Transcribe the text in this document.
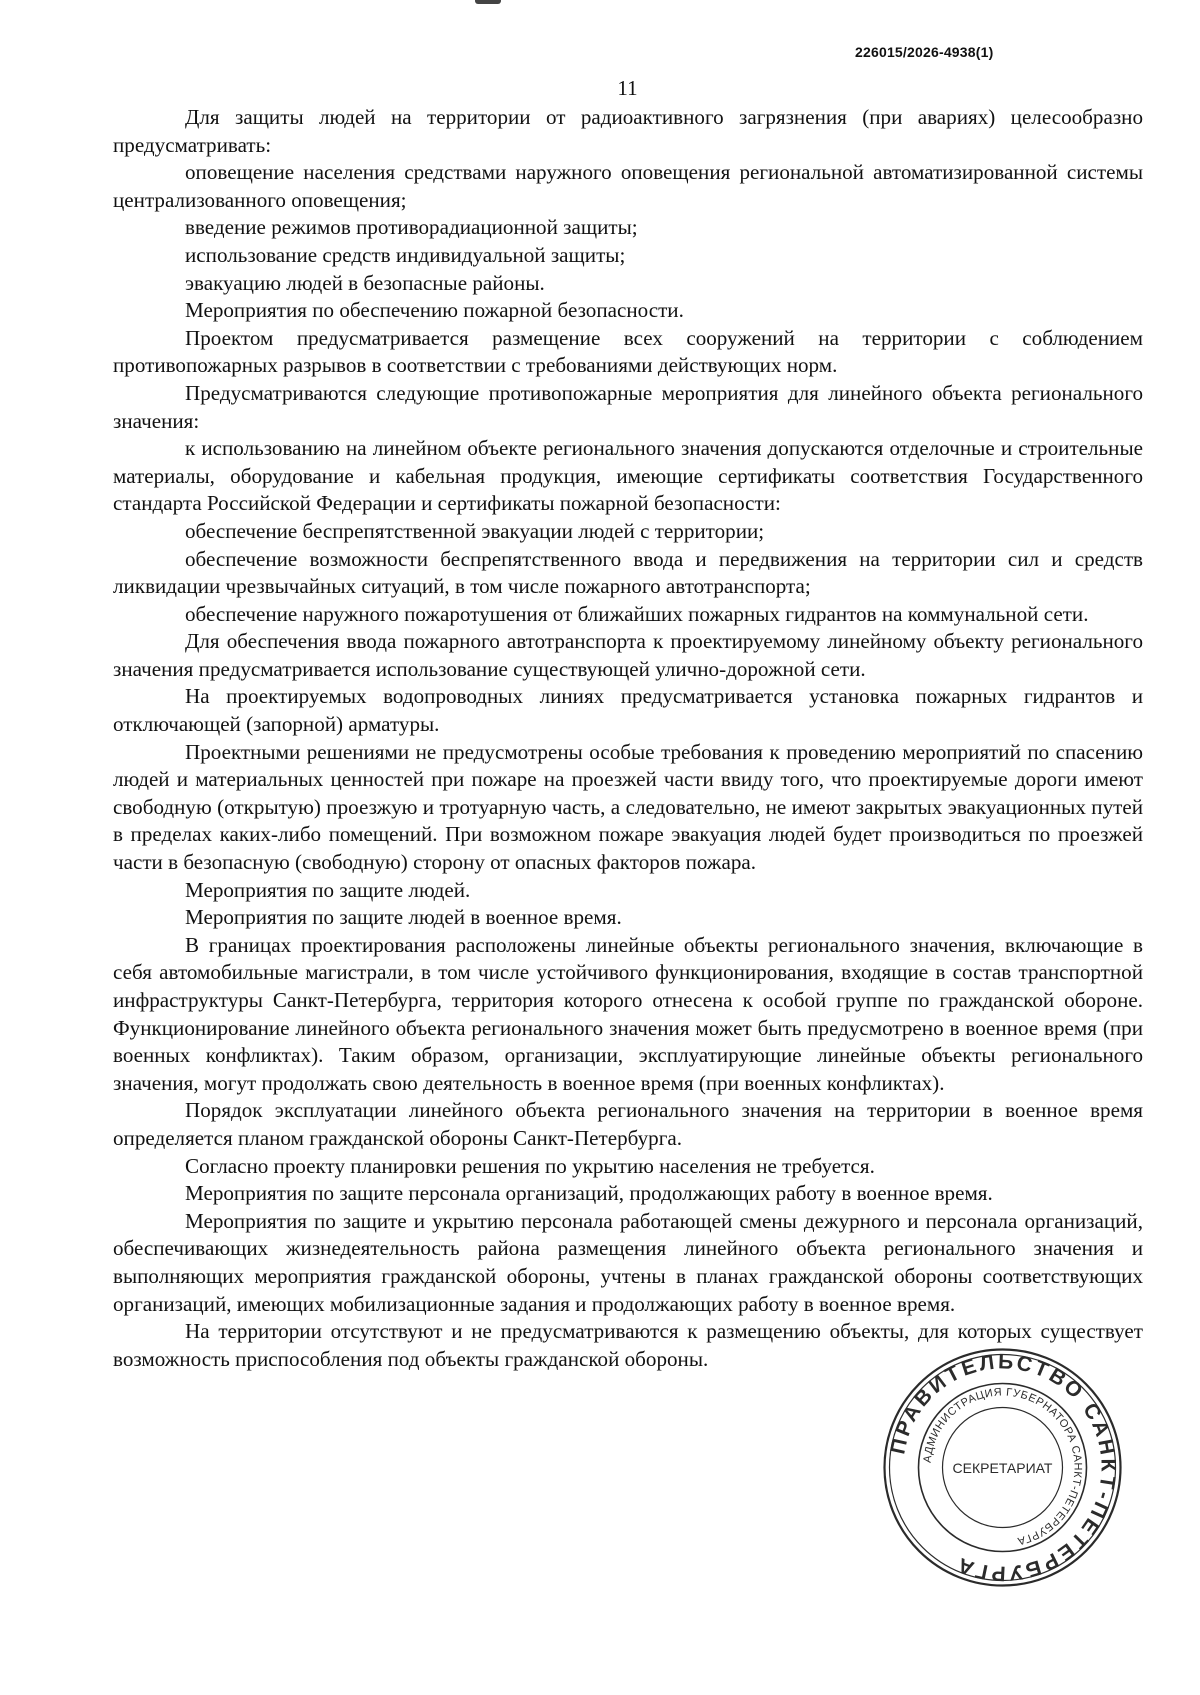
226015/2026-4938(1)
11

Для защиты людей на территории от радиоактивного загрязнения (при авариях) целесообразно предусматривать:

оповещение населения средствами наружного оповещения региональной автоматизированной системы централизованного оповещения;

введение режимов противорадиационной защиты;

использование средств индивидуальной защиты;

эвакуацию людей в безопасные районы.

Мероприятия по обеспечению пожарной безопасности.

Проектом предусматривается размещение всех сооружений на территории с соблюдением противопожарных разрывов в соответствии с требованиями действующих норм.

Предусматриваются следующие противопожарные мероприятия для линейного объекта регионального значения:

к использованию на линейном объекте регионального значения допускаются отделочные и строительные материалы, оборудование и кабельная продукция, имеющие сертификаты соответствия Государственного стандарта Российской Федерации и сертификаты пожарной безопасности:

обеспечение беспрепятственной эвакуации людей с территории;

обеспечение возможности беспрепятственного ввода и передвижения на территории сил и средств ликвидации чрезвычайных ситуаций, в том числе пожарного автотранспорта;

обеспечение наружного пожаротушения от ближайших пожарных гидрантов на коммунальной сети.

Для обеспечения ввода пожарного автотранспорта к проектируемому линейному объекту регионального значения предусматривается использование существующей улично-дорожной сети.

На проектируемых водопроводных линиях предусматривается установка пожарных гидрантов и отключающей (запорной) арматуры.

Проектными решениями не предусмотрены особые требования к проведению мероприятий по спасению людей и материальных ценностей при пожаре на проезжей части ввиду того, что проектируемые дороги имеют свободную (открытую) проезжую и тротуарную часть, а следовательно, не имеют закрытых эвакуационных путей в пределах каких-либо помещений. При возможном пожаре эвакуация людей будет производиться по проезжей части в безопасную (свободную) сторону от опасных факторов пожара.

Мероприятия по защите людей.

Мероприятия по защите людей в военное время.

В границах проектирования расположены линейные объекты регионального значения, включающие в себя автомобильные магистрали, в том числе устойчивого функционирования, входящие в состав транспортной инфраструктуры Санкт-Петербурга, территория которого отнесена к особой группе по гражданской обороне. Функционирование линейного объекта регионального значения может быть предусмотрено в военное время (при военных конфликтах). Таким образом, организации, эксплуатирующие линейные объекты регионального значения, могут продолжать свою деятельность в военное время (при военных конфликтах).

Порядок эксплуатации линейного объекта регионального значения на территории в военное время определяется планом гражданской обороны Санкт-Петербурга.

Согласно проекту планировки решения по укрытию населения не требуется.

Мероприятия по защите персонала организаций, продолжающих работу в военное время.

Мероприятия по защите и укрытию персонала работающей смены дежурного и персонала организаций, обеспечивающих жизнедеятельность района размещения линейного объекта регионального значения и выполняющих мероприятия гражданской обороны, учтены в планах гражданской обороны соответствующих организаций, имеющих мобилизационные задания и продолжающих работу в военное время.

На территории отсутствуют и не предусматриваются к размещению объекты, для которых существует возможность приспособления под объекты гражданской обороны.

ПРАВИТЕЛЬСТВО САНКТ-ПЕТЕРБУРГА
АДМИНИСТРАЦИЯ ГУБЕРНАТОРА САНКТ-ПЕТЕРБУРГА
СЕКРЕТАРИАТ
